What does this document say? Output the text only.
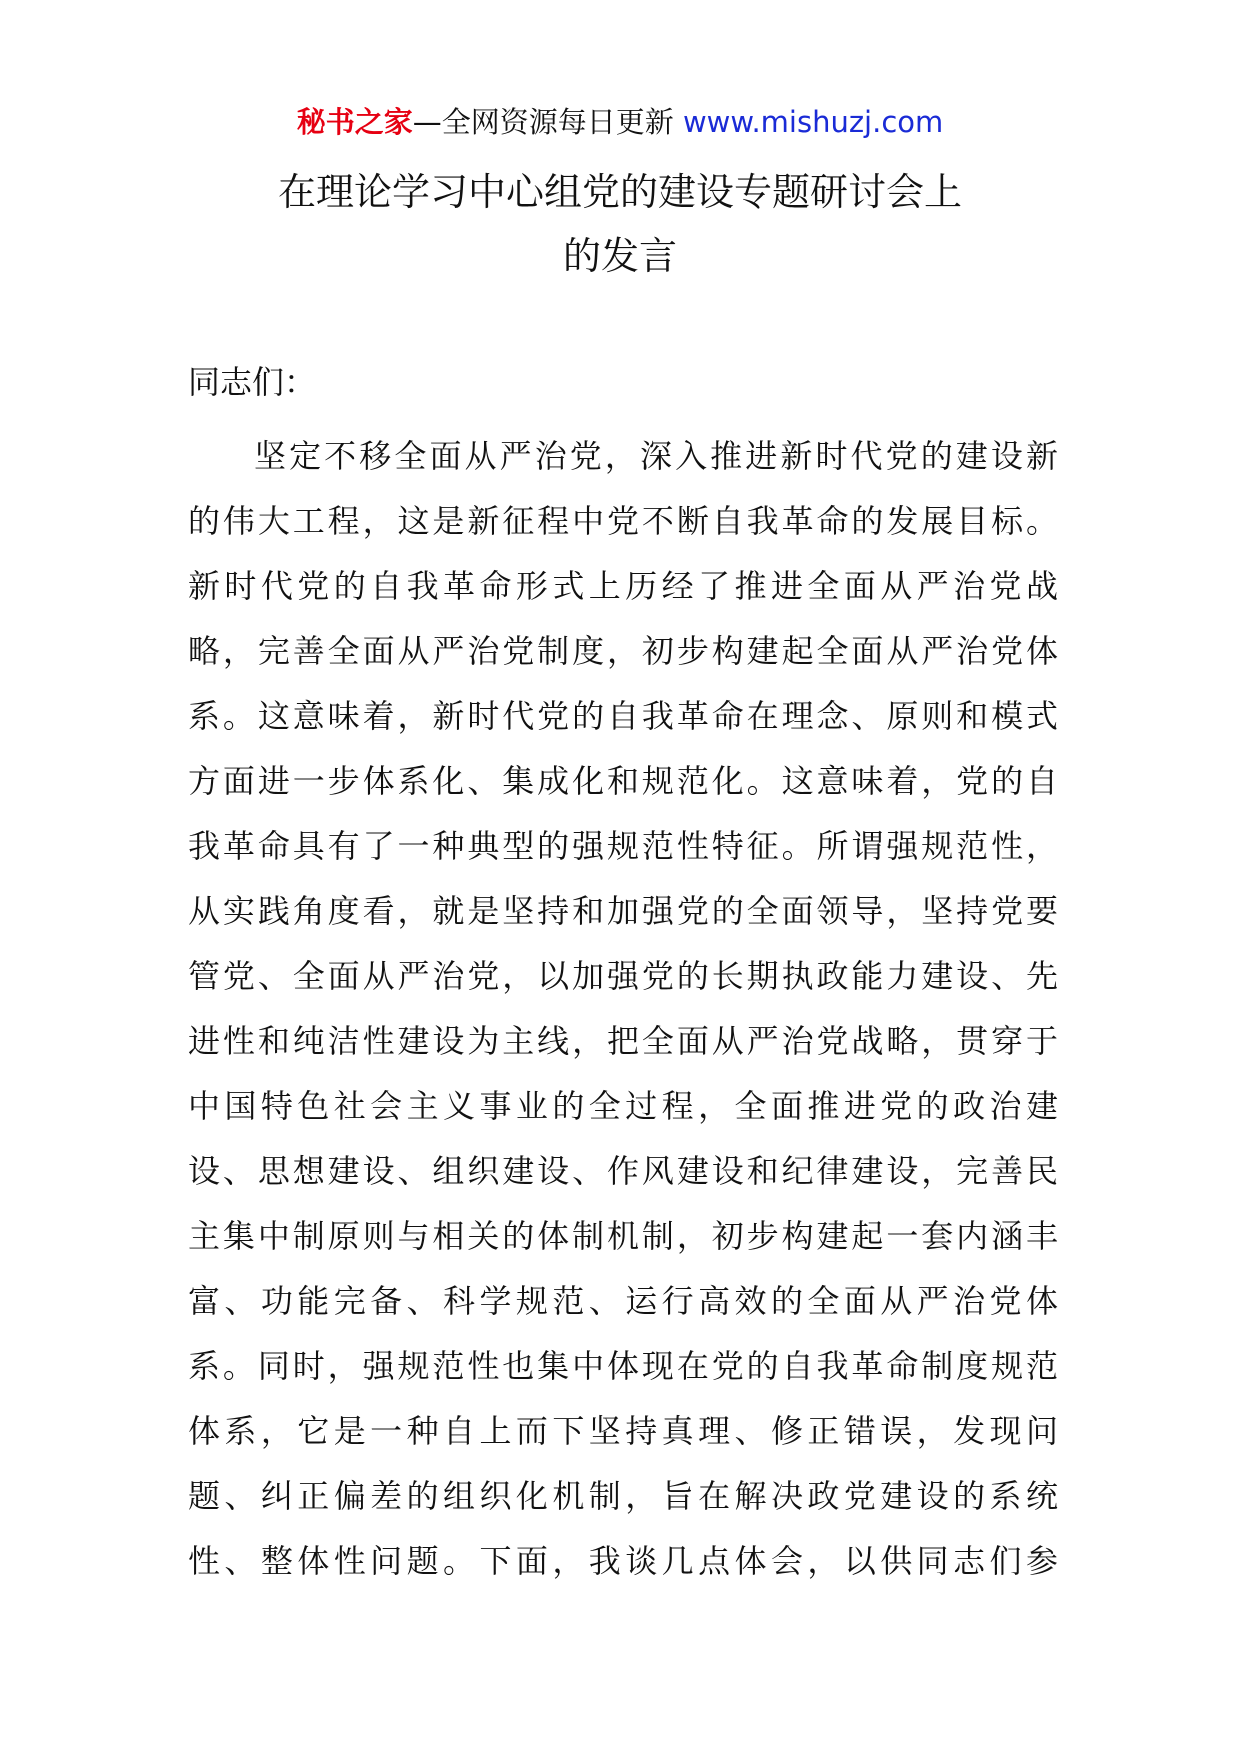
秘书之家—全网资源每日更新 www.mishuzj.com
在理论学习中心组党的建设专题研讨会上
的发言
同志们：
坚定不移全面从严治党，深入推进新时代党的建设新
的伟大工程，这是新征程中党不断自我革命的发展目标。
新时代党的自我革命形式上历经了推进全面从严治党战
略，完善全面从严治党制度，初步构建起全面从严治党体
系。这意味着，新时代党的自我革命在理念、原则和模式
方面进一步体系化、集成化和规范化。这意味着，党的自
我革命具有了一种典型的强规范性特征。所谓强规范性，
从实践角度看，就是坚持和加强党的全面领导，坚持党要
管党、全面从严治党，以加强党的长期执政能力建设、先
进性和纯洁性建设为主线，把全面从严治党战略，贯穿于
中国特色社会主义事业的全过程，全面推进党的政治建
设、思想建设、组织建设、作风建设和纪律建设，完善民
主集中制原则与相关的体制机制，初步构建起一套内涵丰
富、功能完备、科学规范、运行高效的全面从严治党体
系。同时，强规范性也集中体现在党的自我革命制度规范
体系，它是一种自上而下坚持真理、修正错误，发现问
题、纠正偏差的组织化机制，旨在解决政党建设的系统
性、整体性问题。下面，我谈几点体会，以供同志们参
